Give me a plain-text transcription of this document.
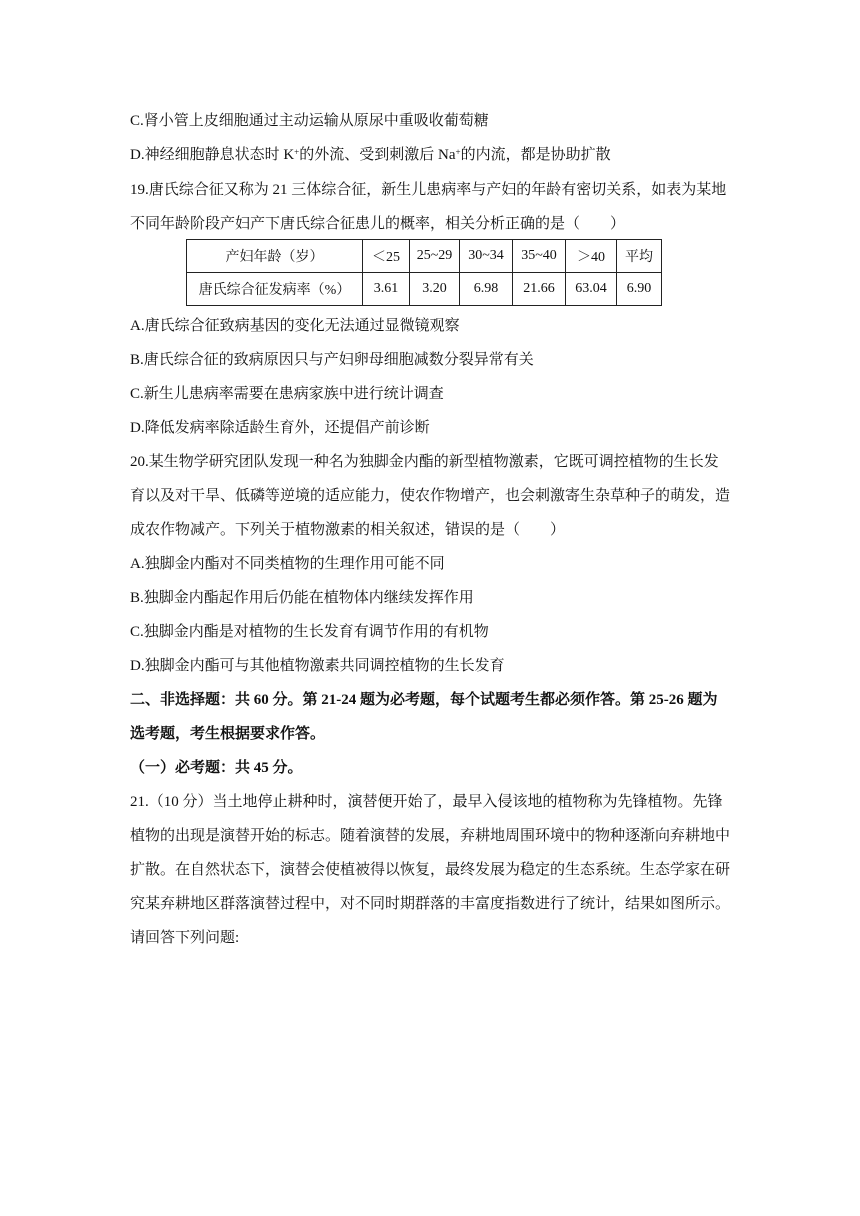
C.肾小管上皮细胞通过主动运输从原尿中重吸收葡萄糖
D.神经细胞静息状态时 K+的外流、受到刺激后 Na+的内流，都是协助扩散
19.唐氏综合征又称为 21 三体综合征，新生儿患病率与产妇的年龄有密切关系，如表为某地
不同年龄阶段产妇产下唐氏综合征患儿的概率，相关分析正确的是（　　）
产妇年龄（岁）	＜25	25~29	30~34	35~40	＞40	平均
唐氏综合征发病率（%）	3.61	3.20	6.98	21.66	63.04	6.90
A.唐氏综合征致病基因的变化无法通过显微镜观察
B.唐氏综合征的致病原因只与产妇卵母细胞减数分裂异常有关
C.新生儿患病率需要在患病家族中进行统计调查
D.降低发病率除适龄生育外，还提倡产前诊断
20.某生物学研究团队发现一种名为独脚金内酯的新型植物激素，它既可调控植物的生长发
育以及对干旱、低磷等逆境的适应能力，使农作物增产，也会刺激寄生杂草种子的萌发，造
成农作物减产。下列关于植物激素的相关叙述，错误的是（　　）
A.独脚金内酯对不同类植物的生理作用可能不同
B.独脚金内酯起作用后仍能在植物体内继续发挥作用
C.独脚金内酯是对植物的生长发育有调节作用的有机物
D.独脚金内酯可与其他植物激素共同调控植物的生长发育
二、非选择题：共 60 分。第 21-24 题为必考题，每个试题考生都必须作答。第 25-26 题为
选考题，考生根据要求作答。
（一）必考题：共 45 分。
21.（10 分）当土地停止耕种时，演替便开始了，最早入侵该地的植物称为先锋植物。先锋
植物的出现是演替开始的标志。随着演替的发展，弃耕地周围环境中的物种逐渐向弃耕地中
扩散。在自然状态下，演替会使植被得以恢复，最终发展为稳定的生态系统。生态学家在研
究某弃耕地区群落演替过程中，对不同时期群落的丰富度指数进行了统计，结果如图所示。
请回答下列问题:
